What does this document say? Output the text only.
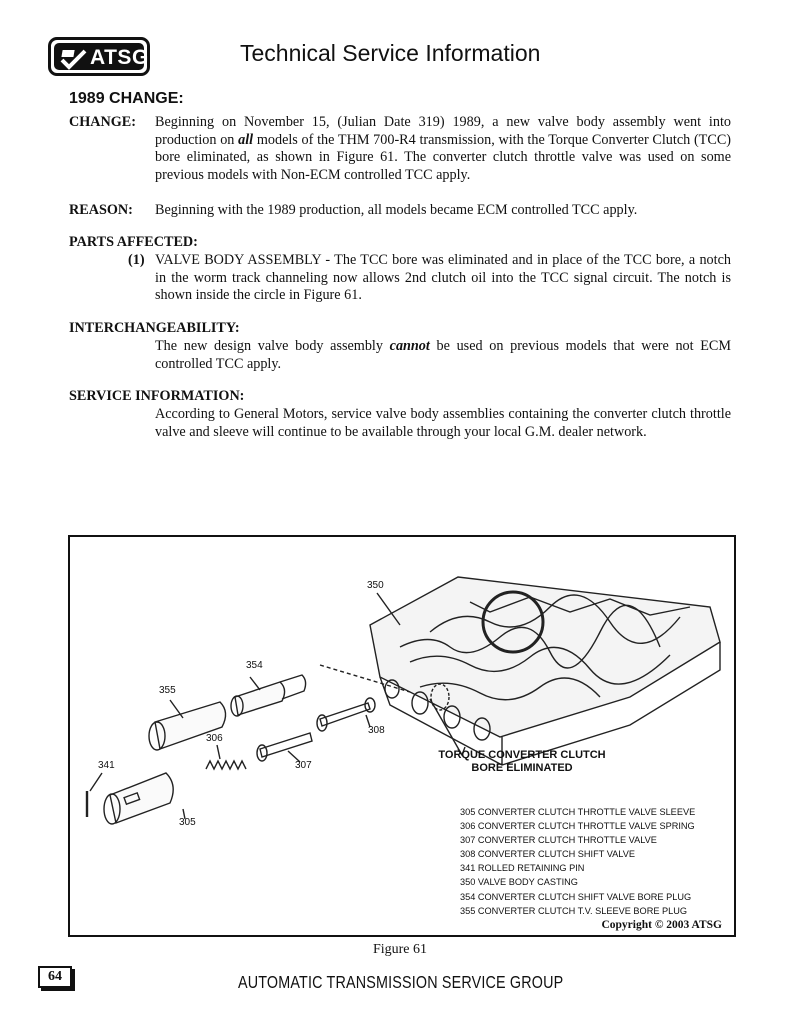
ATSG	Technical Service Information
1989 CHANGE:
CHANGE: Beginning on November 15, (Julian Date 319) 1989, a new valve body assembly went into production on all models of the THM 700-R4 transmission, with the Torque Converter Clutch (TCC) bore eliminated, as shown in Figure 61. The converter clutch throttle valve was used on some previous models with Non-ECM controlled TCC apply.
REASON: Beginning with the 1989 production, all models became ECM controlled TCC apply.
PARTS AFFECTED:
(1) VALVE BODY ASSEMBLY - The TCC bore was eliminated and in place of the TCC bore, a notch in the worm track channeling now allows 2nd clutch oil into the TCC signal circuit. The notch is shown inside the circle in Figure 61.
INTERCHANGEABILITY:
The new design valve body assembly cannot be used on previous models that were not ECM controlled TCC apply.
SERVICE INFORMATION:
According to General Motors, service valve body assemblies containing the converter clutch throttle valve and sleeve will continue to be available through your local G.M. dealer network.
350
354
355
306
341	307
308
305
TORQUE CONVERTER CLUTCH
BORE ELIMINATED
305 CONVERTER CLUTCH THROTTLE VALVE SLEEVE
306 CONVERTER CLUTCH THROTTLE VALVE SPRING
307 CONVERTER CLUTCH THROTTLE VALVE
308 CONVERTER CLUTCH SHIFT VALVE
341 ROLLED RETAINING PIN
350 VALVE BODY CASTING
354 CONVERTER CLUTCH SHIFT VALVE BORE PLUG
355 CONVERTER CLUTCH T.V. SLEEVE BORE PLUG
Copyright © 2003 ATSG
Figure 61
64	AUTOMATIC TRANSMISSION SERVICE GROUP
